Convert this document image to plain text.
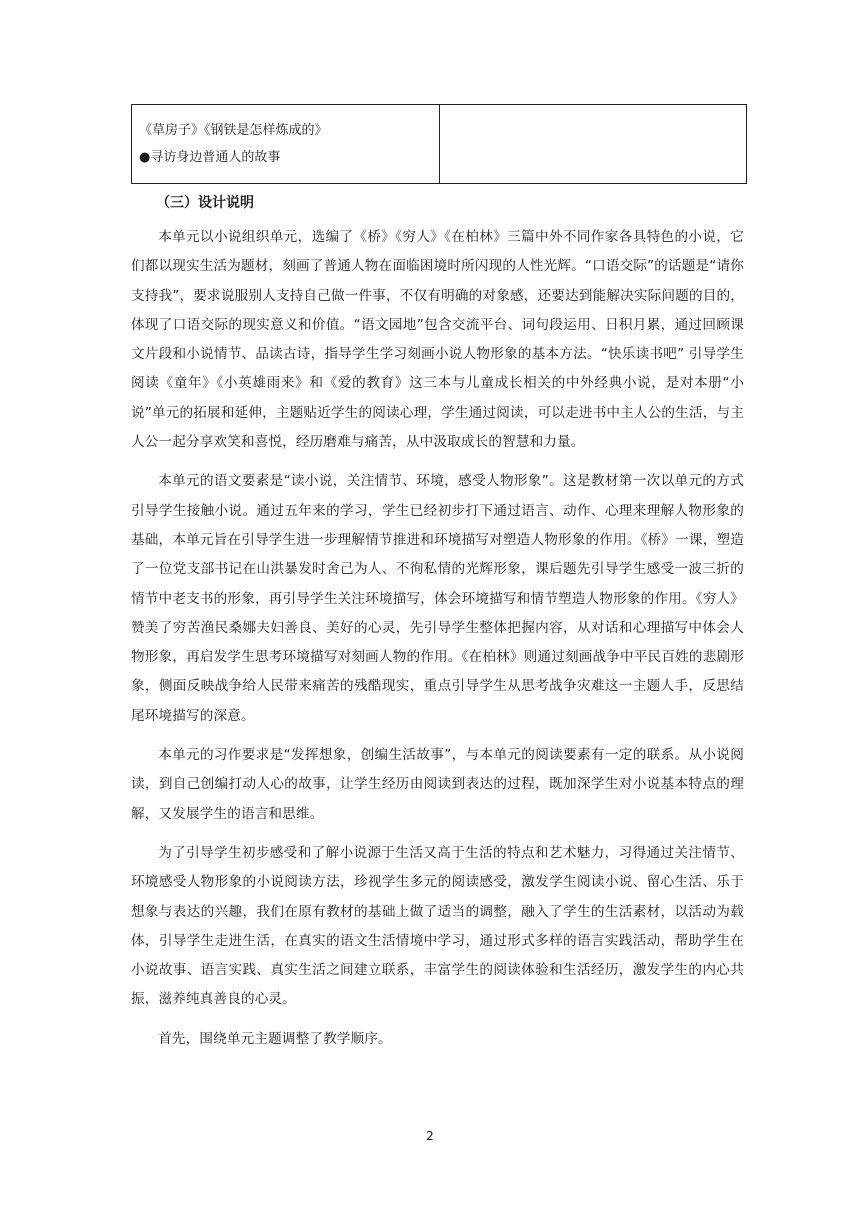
《草房子》《钢铁是怎样炼成的》
●寻访身边普通人的故事
（三）设计说明

本单元以小说组织单元，选编了《桥》《穷人》《在柏林》三篇中外不同作家各具特色的小说，它们都以现实生活为题材，刻画了普通人物在面临困境时所闪现的人性光辉。“口语交际”的话题是“请你支持我”，要求说服别人支持自己做一件事，不仅有明确的对象感，还要达到能解决实际问题的目的，体现了口语交际的现实意义和价值。“语文园地”包含交流平台、词句段运用、日积月累，通过回顾课文片段和小说情节、品读古诗，指导学生学习刻画小说人物形象的基本方法。“快乐读书吧” 引导学生阅读《童年》《小英雄雨来》和《爱的教育》这三本与儿童成长相关的中外经典小说，是对本册“小说”单元的拓展和延伸，主题贴近学生的阅读心理，学生通过阅读，可以走进书中主人公的生活，与主人公一起分享欢笑和喜悦，经历磨难与痛苦，从中汲取成长的智慧和力量。

本单元的语文要素是“读小说，关注情节、环境，感受人物形象”。这是教材第一次以单元的方式引导学生接触小说。通过五年来的学习，学生已经初步打下通过语言、动作、心理来理解人物形象的基础，本单元旨在引导学生进一步理解情节推进和环境描写对塑造人物形象的作用。《桥》一课，塑造了一位党支部书记在山洪暴发时舍己为人、不徇私情的光辉形象，课后题先引导学生感受一波三折的情节中老支书的形象，再引导学生关注环境描写，体会环境描写和情节塑造人物形象的作用。《穷人》赞美了穷苦渔民桑娜夫妇善良、美好的心灵，先引导学生整体把握内容，从对话和心理描写中体会人物形象，再启发学生思考环境描写对刻画人物的作用。《在柏林》则通过刻画战争中平民百姓的悲剧形象，侧面反映战争给人民带来痛苦的残酷现实，重点引导学生从思考战争灾难这一主题人手，反思结尾环境描写的深意。

本单元的习作要求是“发挥想象，创编生活故事”，与本单元的阅读要素有一定的联系。从小说阅读，到自己创编打动人心的故事，让学生经历由阅读到表达的过程，既加深学生对小说基本特点的理解，又发展学生的语言和思维。

为了引导学生初步感受和了解小说源于生活又高于生活的特点和艺术魅力，习得通过关注情节、环境感受人物形象的小说阅读方法，珍视学生多元的阅读感受，激发学生阅读小说、留心生活、乐于想象与表达的兴趣，我们在原有教材的基础上做了适当的调整，融入了学生的生活素材，以活动为载体，引导学生走进生活，在真实的语文生活情境中学习，通过形式多样的语言实践活动，帮助学生在小说故事、语言实践、真实生活之间建立联系，丰富学生的阅读体验和生活经历，激发学生的内心共振，滋养纯真善良的心灵。

首先，围绕单元主题调整了教学顺序。

2
